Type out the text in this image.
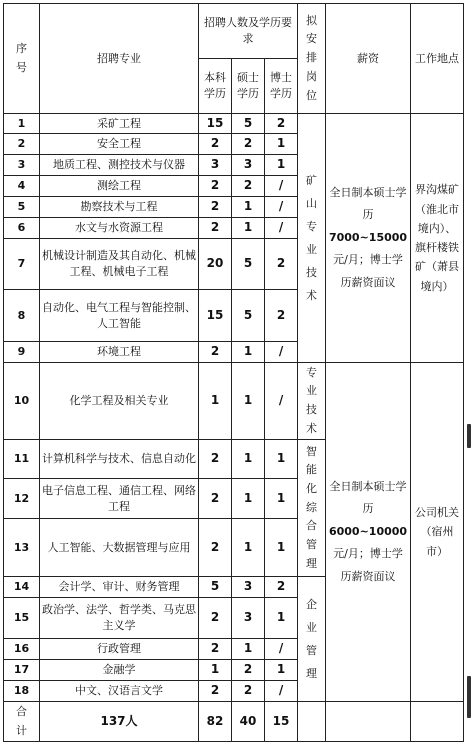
序号	招聘专业	招聘人数及学历要求			拟安排岗位	薪资	工作地点
		本科学历	硕士学历	博士学历			
1	采矿工程	15	5	2	矿山专业技术	全日制本硕士学历
7000~15000
元/月；博士学历薪资面议	界沟煤矿（淮北市境内）、旗杆楼铁矿（萧县境内）
2	安全工程	2	2	1			
3	地质工程、测控技术与仪器	3	3	1			
4	测绘工程	2	2	/			
5	勘察技术与工程	2	1	/			
6	水文与水资源工程	2	1	/			
7	机械设计制造及其自动化、机械工程、机械电子工程	20	5	2			
8	自动化、电气工程与智能控制、人工智能	15	5	2			
9	环境工程	2	1	/			
10	化学工程及相关专业	1	1	/	专业技术	全日制本硕士学历
6000~10000
元/月；博士学历薪资面议	公司机关（宿州市）
11	计算机科学与技术、信息自动化	2	1	1	智能化综合管理		

12	电子信息工程、通信工程、网络工程	2	1	1			
13	人工智能、大数据管理与应用	2	1	1			
14	会计学、审计、财务管理	5	3	2	企业管理		

15	政治学、法学、哲学类、马克思主义学	2	3	1			
16	行政管理	2	1	/			
17	金融学	1	2	1			
18	中文、汉语言文学	2	2	/			

合计	137人	82	40	15			
